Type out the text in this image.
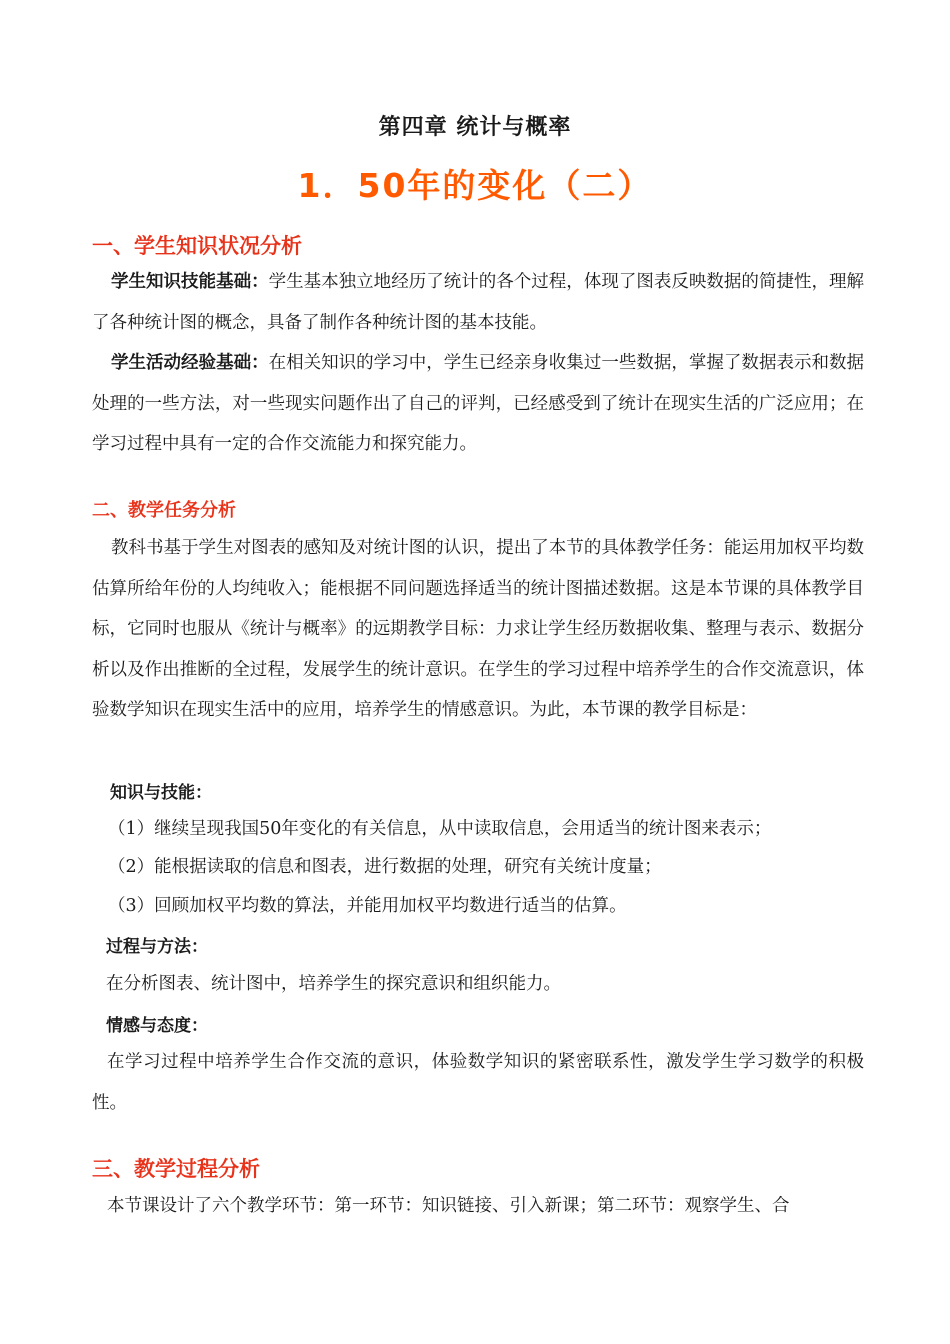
第四章 统计与概率
1．50年的变化（二）
一、学生知识状况分析

学生知识技能基础：学生基本独立地经历了统计的各个过程，体现了图表反映数据的简捷性，理解了各种统计图的概念，具备了制作各种统计图的基本技能。

学生活动经验基础：在相关知识的学习中，学生已经亲身收集过一些数据，掌握了数据表示和数据处理的一些方法，对一些现实问题作出了自己的评判，已经感受到了统计在现实生活的广泛应用；在学习过程中具有一定的合作交流能力和探究能力。

二、教学任务分析

教科书基于学生对图表的感知及对统计图的认识，提出了本节的具体教学任务：能运用加权平均数估算所给年份的人均纯收入；能根据不同问题选择适当的统计图描述数据。这是本节课的具体教学目标，它同时也服从《统计与概率》的远期教学目标：力求让学生经历数据收集、整理与表示、数据分析以及作出推断的全过程，发展学生的统计意识。在学生的学习过程中培养学生的合作交流意识，体验数学知识在现实生活中的应用，培养学生的情感意识。为此，本节课的教学目标是：

知识与技能：
（1）继续呈现我国50年变化的有关信息，从中读取信息，会用适当的统计图来表示；
（2）能根据读取的信息和图表，进行数据的处理，研究有关统计度量；
（3）回顾加权平均数的算法，并能用加权平均数进行适当的估算。
过程与方法：
在分析图表、统计图中，培养学生的探究意识和组织能力。
情感与态度：

在学习过程中培养学生合作交流的意识，体验数学知识的紧密联系性，激发学生学习数学的积极性。

三、教学过程分析

本节课设计了六个教学环节：第一环节：知识链接、引入新课；第二环节：观察学生、合
